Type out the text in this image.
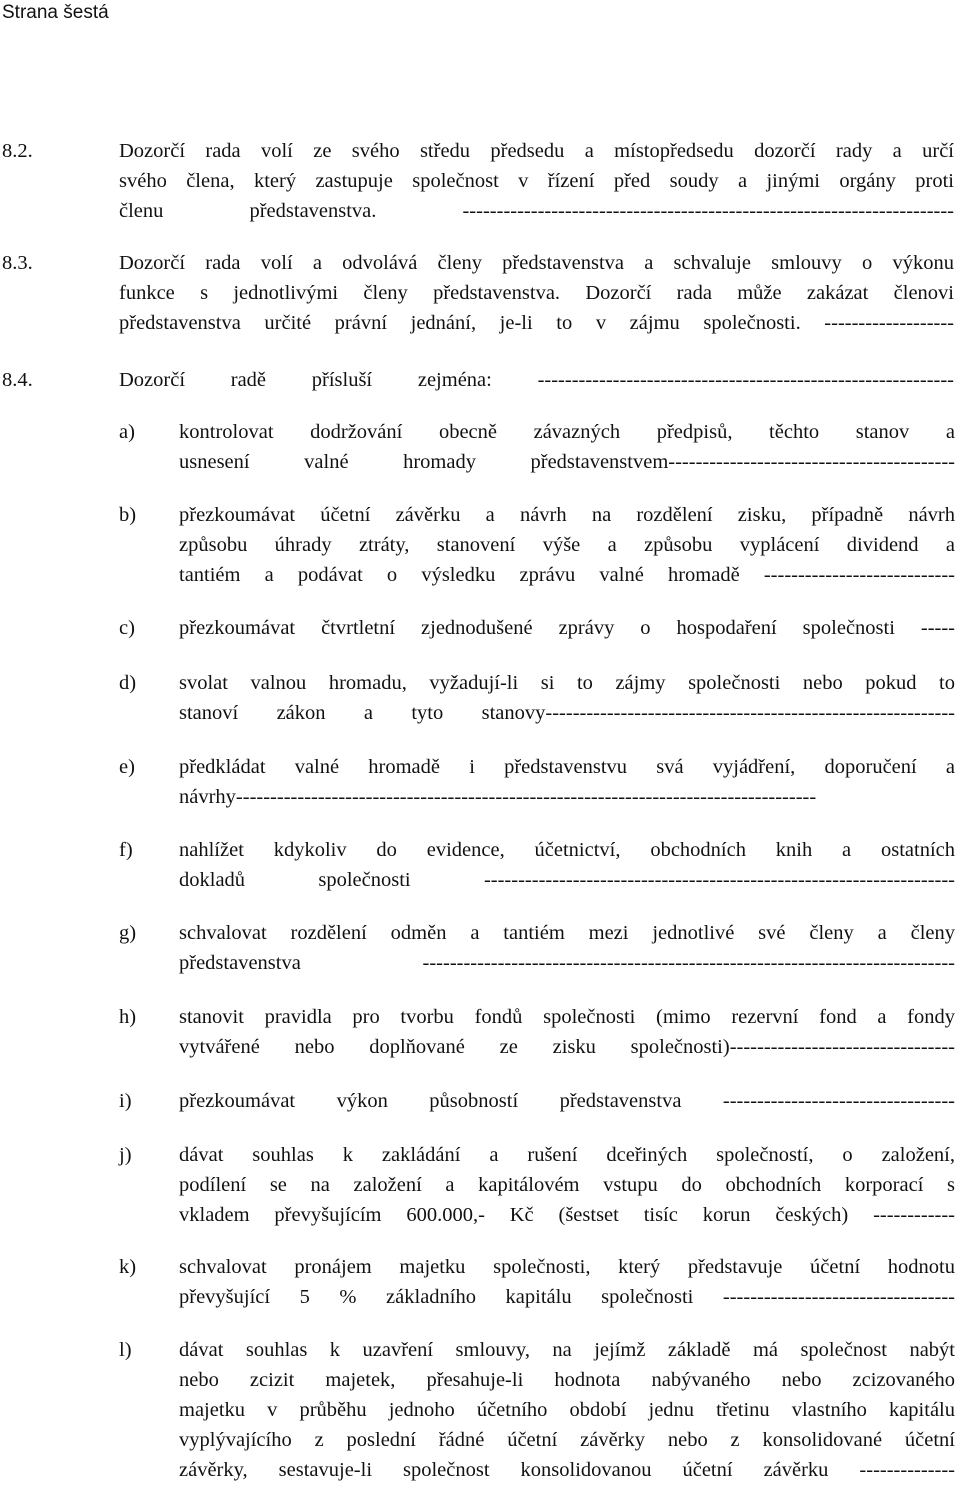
Strana šestá
8.2.	Dozorčí rada volí ze svého středu předsedu a místopředsedu dozorčí rady a určí
svého člena, který zastupuje společnost v řízení před soudy a jinými orgány proti
členu představenstva. ------------------------------------------------------------------------
8.3.	Dozorčí rada volí a odvolává členy představenstva a schvaluje smlouvy o výkonu
funkce s jednotlivými členy představenstva. Dozorčí rada může zakázat členovi
představenstva určité právní jednání, je-li to v zájmu společnosti. -------------------
8.4.	Dozorčí radě přísluší zejména: -------------------------------------------------------------
a) kontrolovat dodržování obecně závazných předpisů, těchto stanov a
usnesení valné hromady představenstvem------------------------------------------
b) přezkoumávat účetní závěrku a návrh na rozdělení zisku, případně návrh
způsobu úhrady ztráty, stanovení výše a způsobu vyplácení dividend a
tantiém a podávat o výsledku zprávu valné hromadě ----------------------------
c) přezkoumávat čtvrtletní zjednodušené zprávy o hospodaření společnosti -----
d) svolat valnou hromadu, vyžadují-li si to zájmy společnosti nebo pokud to
stanoví zákon a tyto stanovy------------------------------------------------------------
e) předkládat valné hromadě i představenstvu svá vyjádření, doporučení a
návrhy-------------------------------------------------------------------------------------
f) nahlížet kdykoliv do evidence, účetnictví, obchodních knih a ostatních
dokladů společnosti ---------------------------------------------------------------------
g) schvalovat rozdělení odměn a tantiém mezi jednotlivé své členy a členy
představenstva ------------------------------------------------------------------------------
h) stanovit pravidla pro tvorbu fondů společnosti (mimo rezervní fond a fondy
vytvářené nebo doplňované ze zisku společnosti)---------------------------------
i) přezkoumávat výkon působností představenstva ----------------------------------
j) dávat souhlas k zakládání a rušení dceřiných společností, o založení,
podílení se na založení a kapitálovém vstupu do obchodních korporací s
vkladem převyšujícím 600.000,- Kč (šestset tisíc korun českých) ------------
k) schvalovat pronájem majetku společnosti, který představuje účetní hodnotu
převyšující 5 % základního kapitálu společnosti ----------------------------------
l) dávat souhlas k uzavření smlouvy, na jejímž základě má společnost nabýt
nebo zcizit majetek, přesahuje-li hodnota nabývaného nebo zcizovaného
majetku v průběhu jednoho účetního období jednu třetinu vlastního kapitálu
vyplývajícího z poslední řádné účetní závěrky nebo z konsolidované účetní
závěrky, sestavuje-li společnost konsolidovanou účetní závěrku --------------
